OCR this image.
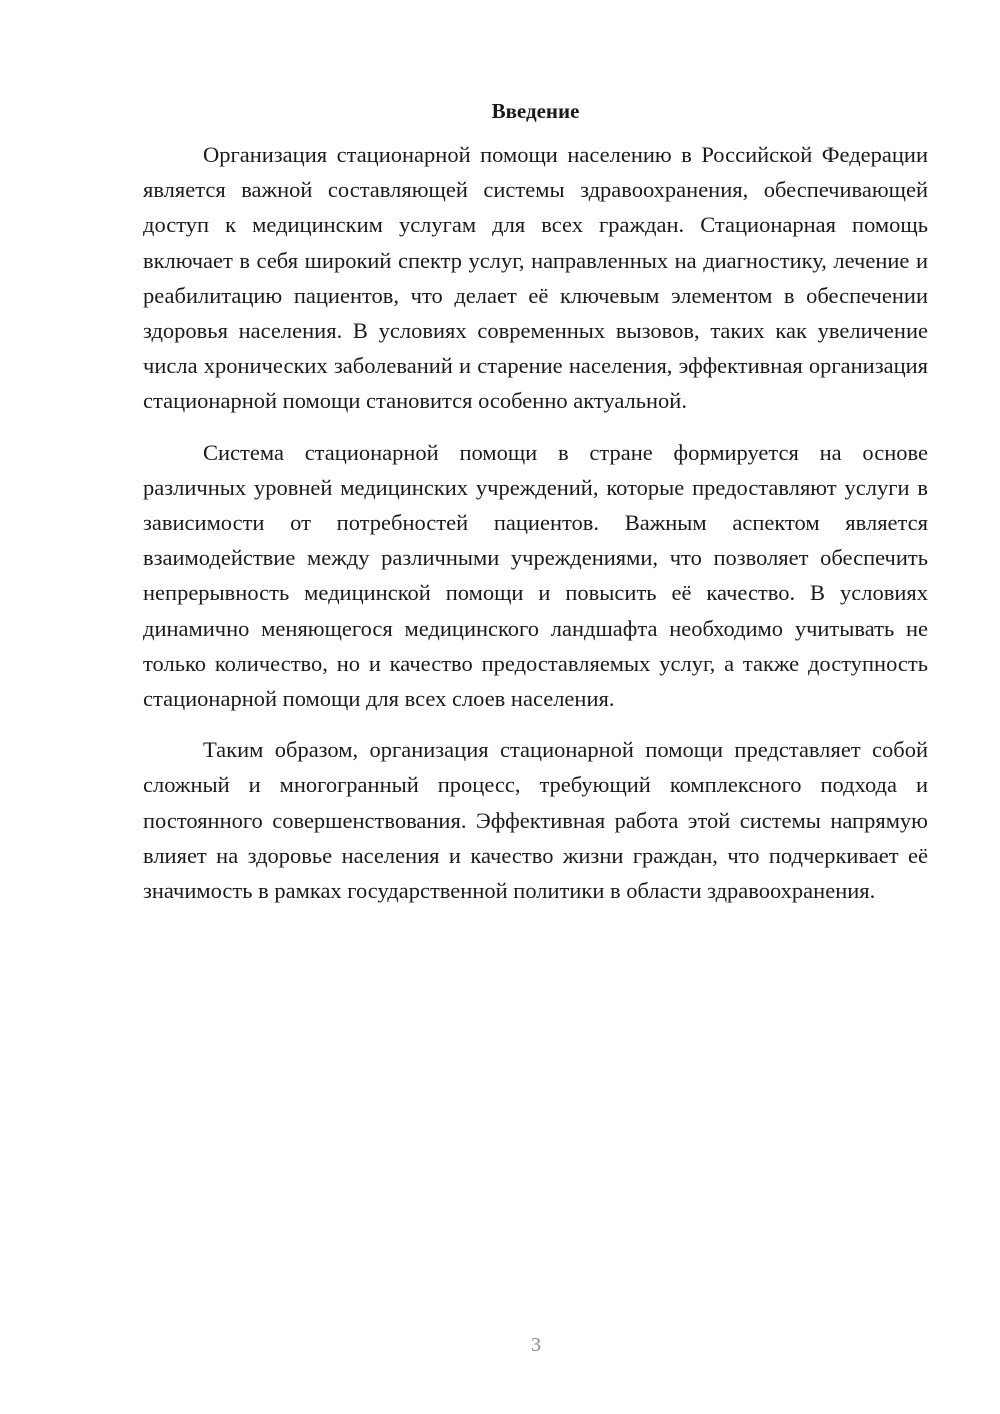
Введение

Организация стационарной помощи населению в Российской Федерации является важной составляющей системы здравоохранения, обеспечивающей доступ к медицинским услугам для всех граждан. Стационарная помощь включает в себя широкий спектр услуг, направленных на диагностику, лечение и реабилитацию пациентов, что делает её ключевым элементом в обеспечении здоровья населения. В условиях современных вызовов, таких как увеличение числа хронических заболеваний и старение населения, эффективная организация стационарной помощи становится особенно актуальной.

Система стационарной помощи в стране формируется на основе различных уровней медицинских учреждений, которые предоставляют услуги в зависимости от потребностей пациентов. Важным аспектом является взаимодействие между различными учреждениями, что позволяет обеспечить непрерывность медицинской помощи и повысить её качество. В условиях динамично меняющегося медицинского ландшафта необходимо учитывать не только количество, но и качество предоставляемых услуг, а также доступность стационарной помощи для всех слоев населения.

Таким образом, организация стационарной помощи представляет собой сложный и многогранный процесс, требующий комплексного подхода и постоянного совершенствования. Эффективная работа этой системы напрямую влияет на здоровье населения и качество жизни граждан, что подчеркивает её значимость в рамках государственной политики в области здравоохранения.

3
